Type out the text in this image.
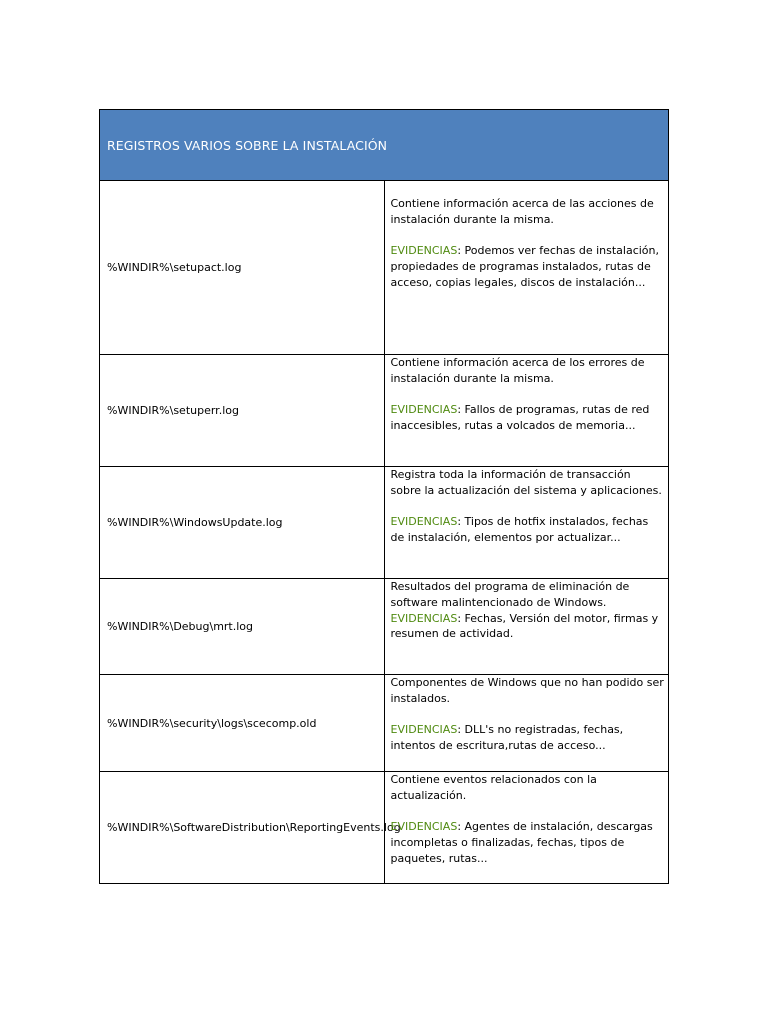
REGISTROS VARIOS SOBRE LA INSTALACIÓN	
%WINDIR%\setupact.log	Contiene información acerca de las acciones de instalación durante la misma.
EVIDENCIAS: Podemos ver fechas de instalación, propiedades de programas instalados, rutas de acceso, copias legales, discos de instalación...

%WINDIR%\setuperr.log	Contiene información acerca de los errores de instalación durante la misma.
EVIDENCIAS: Fallos de programas, rutas de red inaccesibles, rutas a volcados de memoria...

%WINDIR%\WindowsUpdate.log	Registra toda la información de transacción sobre la actualización del sistema y aplicaciones.
EVIDENCIAS: Tipos de hotfix instalados, fechas de instalación, elementos por actualizar...

%WINDIR%\Debug\mrt.log	Resultados del programa de eliminación de software malintencionado de Windows.
EVIDENCIAS: Fechas, Versión del motor, firmas y resumen de actividad.

%WINDIR%\security\logs\scecomp.old	Componentes de Windows que no han podido ser instalados.
EVIDENCIAS: DLL's no registradas, fechas, intentos de escritura,rutas de acceso...

%WINDIR%\SoftwareDistribution\ReportingEvents.log	Contiene eventos relacionados con la actualización.
EVIDENCIAS: Agentes de instalación, descargas incompletas o finalizadas, fechas, tipos de paquetes, rutas...
